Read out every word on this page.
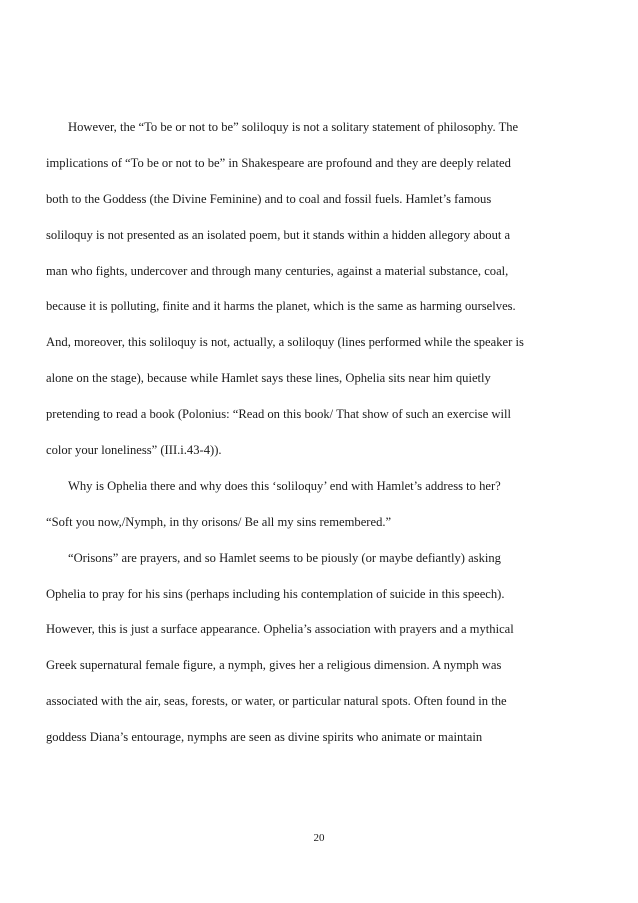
However, the “To be or not to be” soliloquy is not a solitary statement of philosophy. The
implications of “To be or not to be” in Shakespeare are profound and they are deeply related
both to the Goddess (the Divine Feminine) and to coal and fossil fuels. Hamlet’s famous
soliloquy is not presented as an isolated poem, but it stands within a hidden allegory about a
man who fights, undercover and through many centuries, against a material substance, coal,
because it is polluting, finite and it harms the planet, which is the same as harming ourselves.
And, moreover, this soliloquy is not, actually, a soliloquy (lines performed while the speaker is
alone on the stage), because while Hamlet says these lines, Ophelia sits near him quietly
pretending to read a book (Polonius: “Read on this book/ That show of such an exercise will
color your loneliness” (III.i.43-4)).
Why is Ophelia there and why does this ‘soliloquy’ end with Hamlet’s address to her?
“Soft you now,/Nymph, in thy orisons/ Be all my sins remembered.”
“Orisons” are prayers, and so Hamlet seems to be piously (or maybe defiantly) asking
Ophelia to pray for his sins (perhaps including his contemplation of suicide in this speech).
However, this is just a surface appearance. Ophelia’s association with prayers and a mythical
Greek supernatural female figure, a nymph, gives her a religious dimension. A nymph was
associated with the air, seas, forests, or water, or particular natural spots. Often found in the
goddess Diana’s entourage, nymphs are seen as divine spirits who animate or maintain
20
